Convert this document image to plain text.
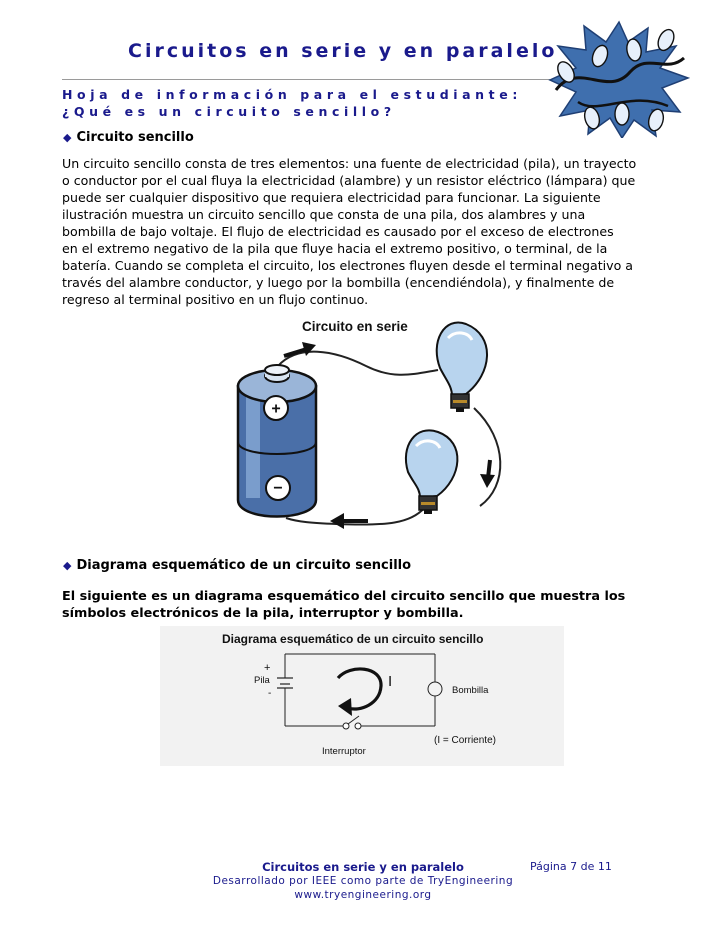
Circuitos en serie y en paralelo
Hoja de información para el estudiante:
¿Qué es un circuito sencillo?
◆ Circuito sencillo
Un circuito sencillo consta de tres elementos: una fuente de electricidad (pila), un trayecto
o conductor por el cual fluya la electricidad (alambre) y un resistor eléctrico (lámpara) que
puede ser cualquier dispositivo que requiera electricidad para funcionar. La siguiente
ilustración muestra un circuito sencillo que consta de una pila, dos alambres y una
bombilla de bajo voltaje. El flujo de electricidad es causado por el exceso de electrones
en el extremo negativo de la pila que fluye hacia el extremo positivo, o terminal, de la
batería. Cuando se completa el circuito, los electrones fluyen desde el terminal negativo a
través del alambre conductor, y luego por la bombilla (encendiéndola), y finalmente de
regreso al terminal positivo en un flujo continuo.
Circuito en serie
+
−
◆ Diagrama esquemático de un circuito sencillo
El siguiente es un diagrama esquemático del circuito sencillo que muestra los
símbolos electrónicos de la pila, interruptor y bombilla.
Diagrama esquemático de un circuito sencillo
+
Pila
-
I
Bombilla
Interruptor
(I = Corriente)
Circuitos en serie y en paralelo	Página 7 de 11
Desarrollado por IEEE como parte de TryEngineering
www.tryengineering.org
